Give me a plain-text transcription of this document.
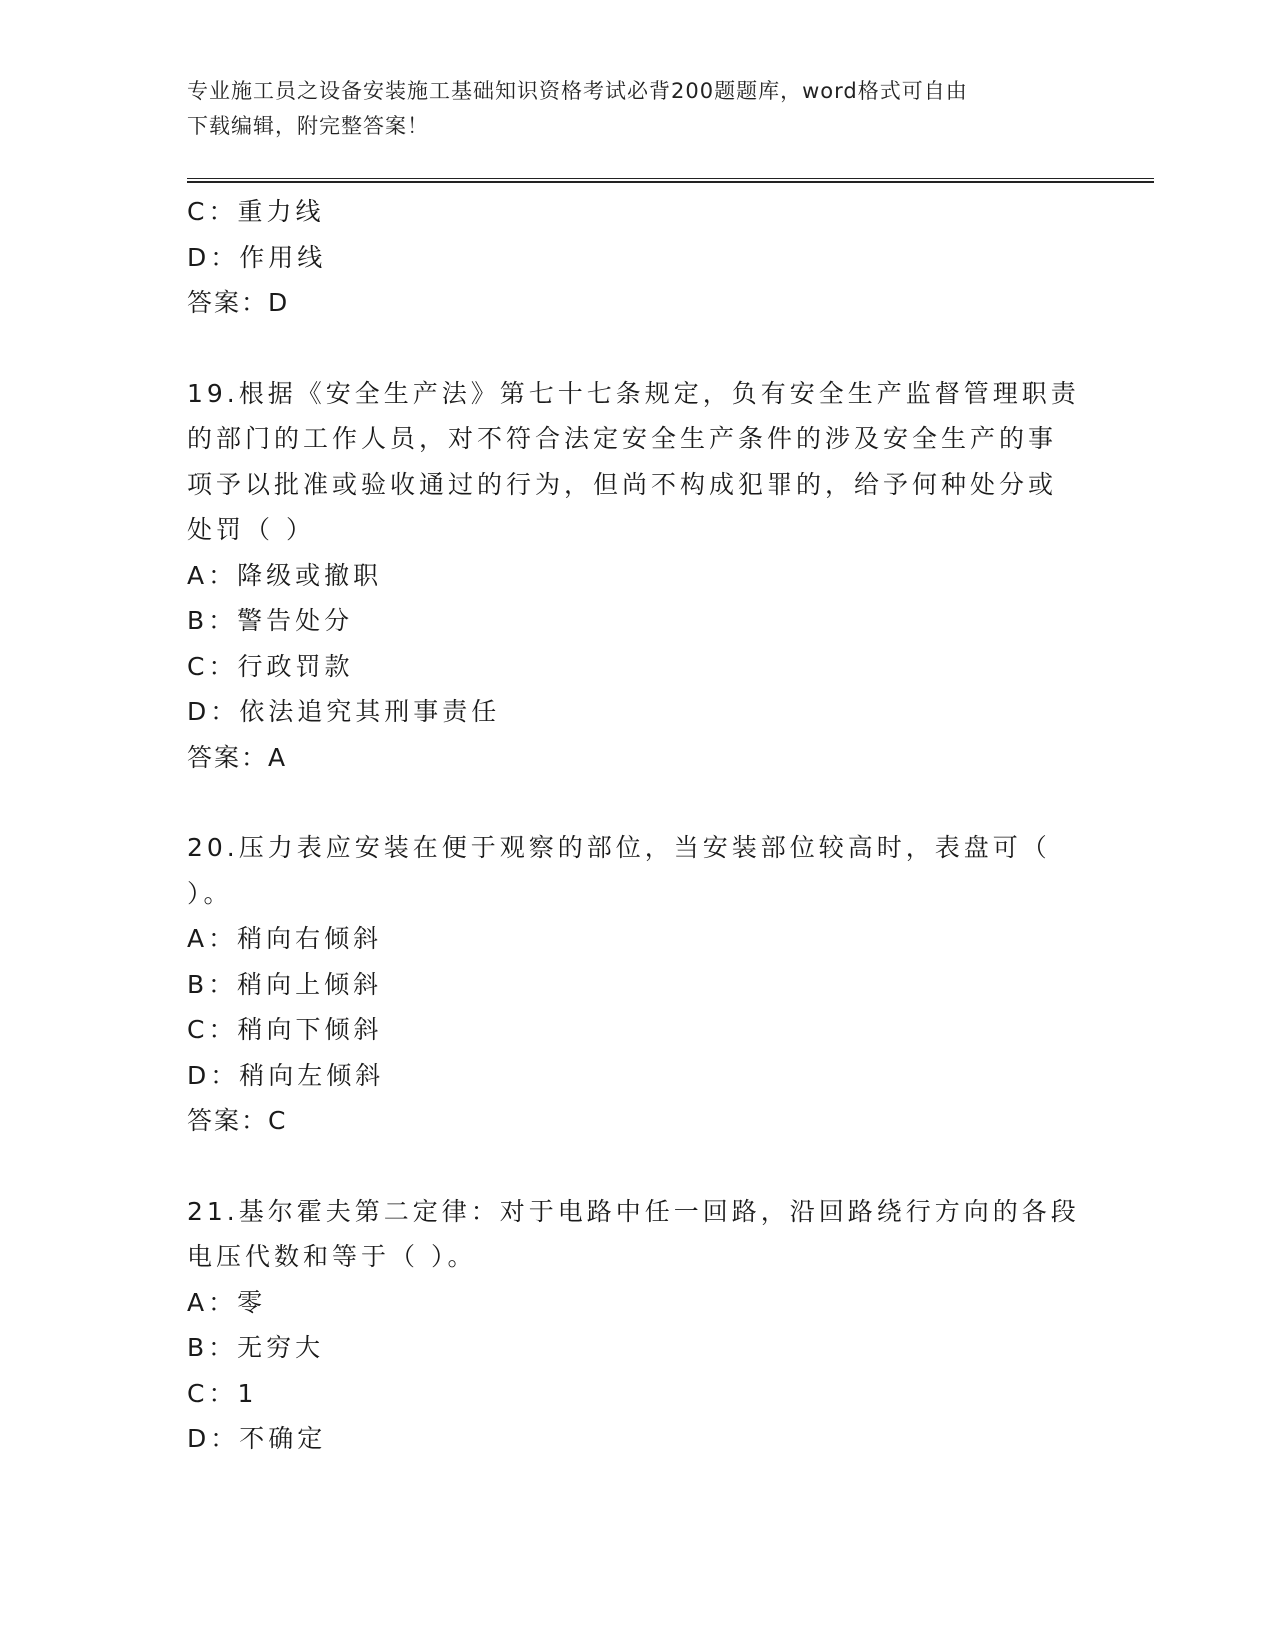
专业施工员之设备安装施工基础知识资格考试必背200题题库，word格式可自由
下载编辑，附完整答案！
C：重力线
D：作用线
答案：D
19.根据《安全生产法》第七十七条规定，负有安全生产监督管理职责
的部门的工作人员，对不符合法定安全生产条件的涉及安全生产的事
项予以批准或验收通过的行为，但尚不构成犯罪的，给予何种处分或
处罚（ ）
A：降级或撤职
B：警告处分
C：行政罚款
D：依法追究其刑事责任
答案：A
20.压力表应安装在便于观察的部位，当安装部位较高时，表盘可（
）。
A：稍向右倾斜
B：稍向上倾斜
C：稍向下倾斜
D：稍向左倾斜
答案：C
21.基尔霍夫第二定律：对于电路中任一回路，沿回路绕行方向的各段
电压代数和等于（ ）。
A：零
B：无穷大
C：1
D：不确定
